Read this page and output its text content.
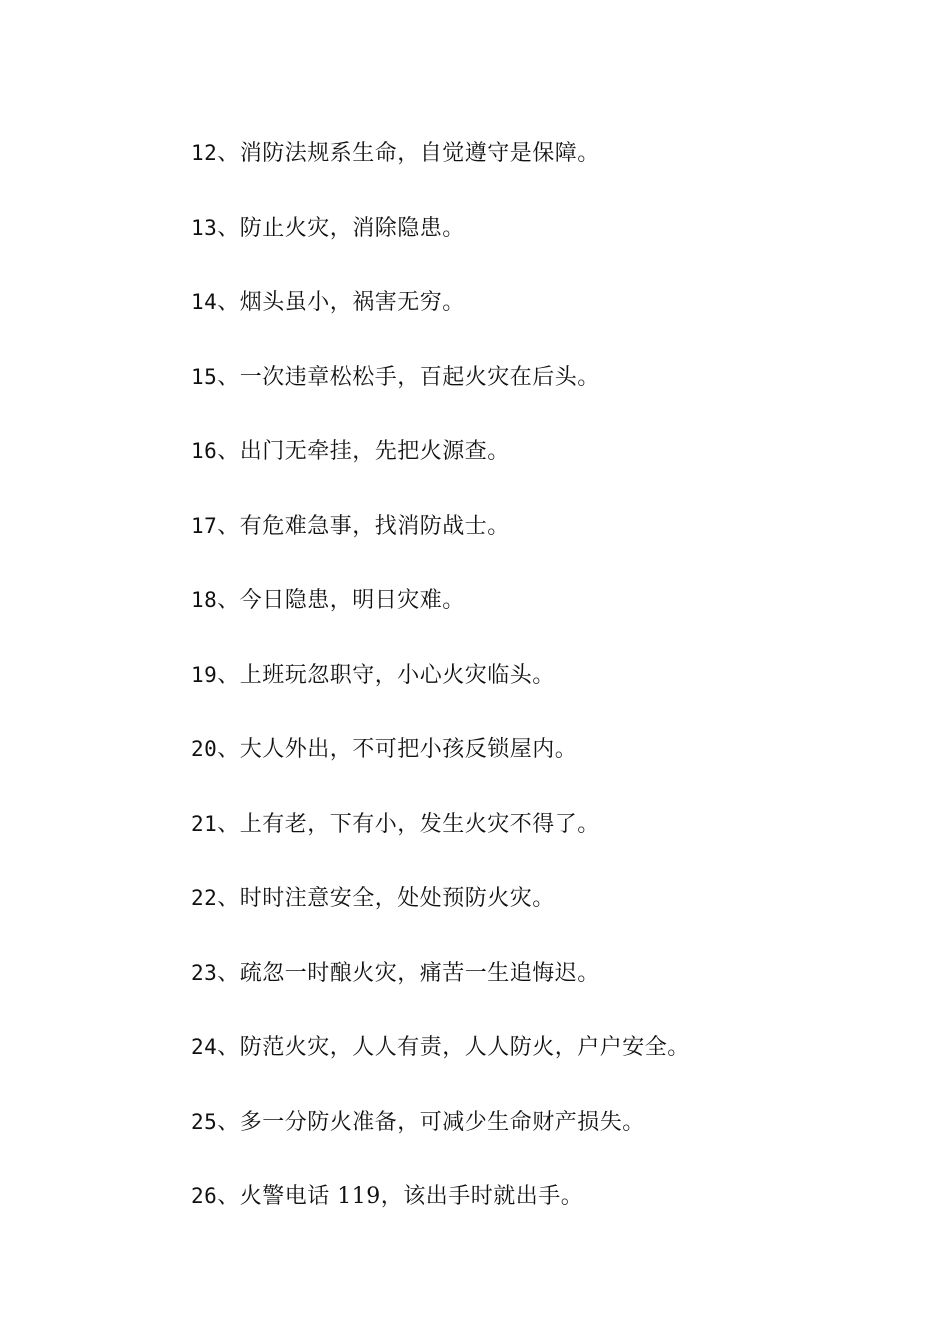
12、消防法规系生命，自觉遵守是保障。
13、防止火灾，消除隐患。
14、烟头虽小，祸害无穷。
15、一次违章松松手，百起火灾在后头。
16、出门无牵挂，先把火源查。
17、有危难急事，找消防战士。
18、今日隐患，明日灾难。
19、上班玩忽职守，小心火灾临头。
20、大人外出，不可把小孩反锁屋内。
21、上有老，下有小，发生火灾不得了。
22、时时注意安全，处处预防火灾。
23、疏忽一时酿火灾，痛苦一生追悔迟。
24、防范火灾，人人有责，人人防火，户户安全。
25、多一分防火准备，可减少生命财产损失。
26、火警电话 119，该出手时就出手。
